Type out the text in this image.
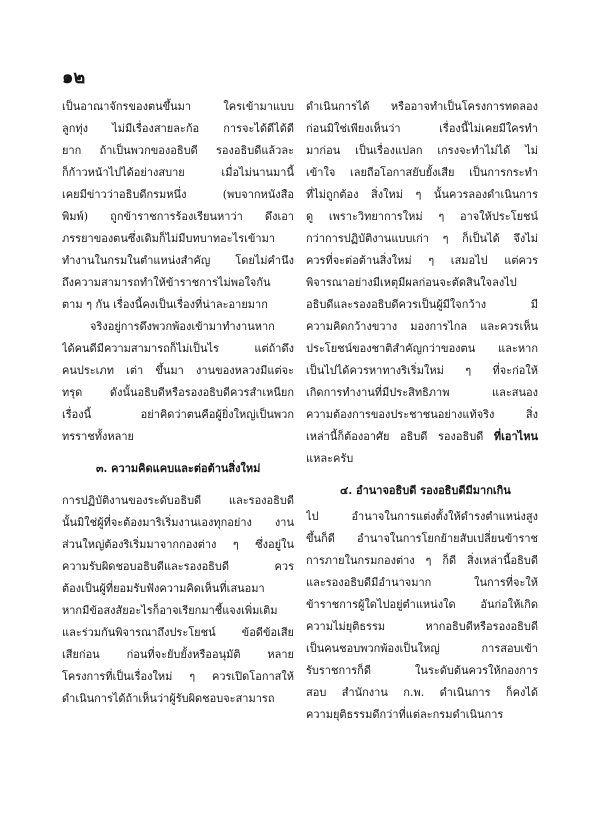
๑๒
เป็นอาณาจักรของตนขึ้นมา ใครเข้ามาแบบ
ลูกทุ่ง ไม่มีเรื่องสายละก้อ การจะได้ดีได้ดี
ยาก ถ้าเป็นพวกของอธิบดี รองอธิบดีแล้วละ
ก็ก้าวหน้าไปได้อย่างสบาย เมื่อไม่นานมานี้
เคยมีข่าวว่าอธิบดีกรมหนึ่ง (พบจากหนังสือ
พิมพ์) ถูกข้าราชการร้องเรียนหาว่า ดึงเอา
ภรรยาของตนซึ่งเดิมก็ไม่มีบทบาทอะไรเข้ามา
ทำงานในกรมในตำแหน่งสำคัญ โดยไม่คำนึง
ถึงความสามารถทำให้ข้าราชการไม่พอใจกัน
ตาม ๆ กัน เรื่องนี้คงเป็นเรื่องที่น่าละอายมาก
จริงอยู่การดึงพวกพ้องเข้ามาทำงานหาก
ได้คนดีมีความสามารถก็ไม่เป็นไร แต่ถ้าดึง
คนประเภท เต่า ขึ้นมา งานของหลวงมีแต่จะ
ทรุด ดังนั้นอธิบดีหรือรองอธิบดีควรสำเหนียก
เรื่องนี้ อย่าคิดว่าตนคือผู้ยิ่งใหญ่เป็นพวก
ทรราชทั้งหลาย
๓. ความคิดแคบและต่อต้านสิ่งใหม่
การปฏิบัติงานของระดับอธิบดี และรองอธิบดี
นั้นมิใช่ผู้ที่จะต้องมาริเริ่มงานเองทุกอย่าง งาน
ส่วนใหญ่ต้องริเริ่มมาจากกองต่าง ๆ ซึ่งอยู่ใน
ความรับผิดชอบอธิบดีและรองอธิบดี ควร
ต้องเป็นผู้ที่ยอมรับฟังความคิดเห็นที่เสนอมา
หากมีข้อสงสัยอะไรก็อาจเรียกมาชี้แจงเพิ่มเติม
และร่วมกันพิจารณาถึงประโยชน์ ข้อดีข้อเสีย
เสียก่อน ก่อนที่จะยับยั้งหรืออนุมัติ หลาย
โครงการที่เป็นเรื่องใหม่ ๆ ควรเปิดโอกาสให้
ดำเนินการได้ถ้าเห็นว่าผู้รับผิดชอบจะสามารถ
ดำเนินการได้ หรืออาจทำเป็นโครงการทดลอง
ก่อนมิใช่เพียงเห็นว่า เรื่องนี้ไม่เคยมีใครทำ
มาก่อน เป็นเรื่องแปลก เกรงจะทำไม่ได้ ไม่
เข้าใจ เลยถือโอกาสยับยั้งเสีย เป็นการกระทำ
ที่ไม่ถูกต้อง สิ่งใหม่ ๆ นั้นควรลองดำเนินการ
ดู เพราะวิทยาการใหม่ ๆ อาจให้ประโยชน์
กว่าการปฏิบัติงานแบบเก่า ๆ ก็เป็นได้ จึงไม่
ควรที่จะต่อต้านสิ่งใหม่ ๆ เสมอไป แต่ควร
พิจารณาอย่างมีเหตุมีผลก่อนจะตัดสินใจลงไป
อธิบดีและรองอธิบดีควรเป็นผู้มีใจกว้าง มี
ความคิดกว้างขวาง มองการไกล และควรเห็น
ประโยชน์ของชาติสำคัญกว่าของตน และหาก
เป็นไปได้ควรหาทางริเริ่มใหม่ ๆ ที่จะก่อให้
เกิดการทำงานที่มีประสิทธิภาพ และสนอง
ความต้องการของประชาชนอย่างแท้จริง สิ่ง
เหล่านี้ก็ต้องอาศัย อธิบดี รองอธิบดี ที่เอาไหน
แหละครับ
๔. อำนาจอธิบดี รองอธิบดีมีมากเกิน
ไป อำนาจในการแต่งตั้งให้ดำรงตำแหน่งสูง
ขึ้นก็ดี อำนาจในการโยกย้ายสับเปลี่ยนข้าราช
การภายในกรมกองต่าง ๆ ก็ดี สิ่งเหล่านี้อธิบดี
และรองอธิบดีมีอำนาจมาก ในการที่จะให้
ข้าราชการผู้ใดไปอยู่ตำแหน่งใด อันก่อให้เกิด
ความไม่ยุติธรรม หากอธิบดีหรือรองอธิบดี
เป็นคนชอบพวกพ้องเป็นใหญ่ การสอบเข้า
รับราชการก็ดี ในระดับต้นควรให้กองการ
สอบ สำนักงาน ก.พ. ดำเนินการ ก็คงได้
ความยุติธรรมดีกว่าที่แต่ละกรมดำเนินการ
